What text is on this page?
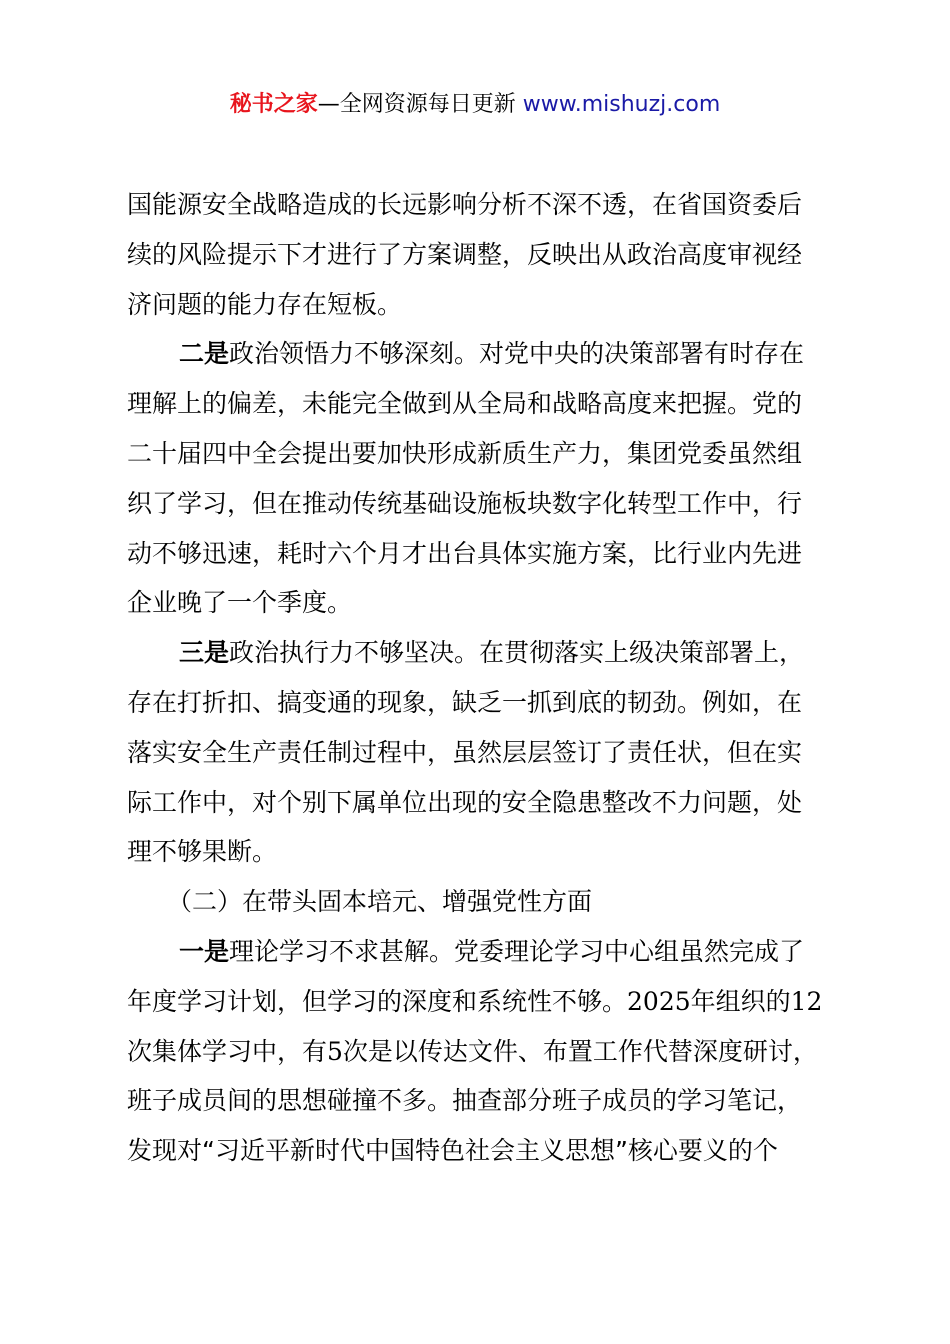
秘书之家—全网资源每日更新 www.mishuzj.com
国能源安全战略造成的长远影响分析不深不透，在省国资委后
续的风险提示下才进行了方案调整，反映出从政治高度审视经
济问题的能力存在短板。
二是政治领悟力不够深刻。对党中央的决策部署有时存在
理解上的偏差，未能完全做到从全局和战略高度来把握。党的
二十届四中全会提出要加快形成新质生产力，集团党委虽然组
织了学习，但在推动传统基础设施板块数字化转型工作中，行
动不够迅速，耗时六个月才出台具体实施方案，比行业内先进
企业晚了一个季度。
三是政治执行力不够坚决。在贯彻落实上级决策部署上，
存在打折扣、搞变通的现象，缺乏一抓到底的韧劲。例如，在
落实安全生产责任制过程中，虽然层层签订了责任状，但在实
际工作中，对个别下属单位出现的安全隐患整改不力问题，处
理不够果断。
（二）在带头固本培元、增强党性方面
一是理论学习不求甚解。党委理论学习中心组虽然完成了
年度学习计划，但学习的深度和系统性不够。2025年组织的12
次集体学习中，有5次是以传达文件、布置工作代替深度研讨，
班子成员间的思想碰撞不多。抽查部分班子成员的学习笔记，
发现对“习近平新时代中国特色社会主义思想”核心要义的个
